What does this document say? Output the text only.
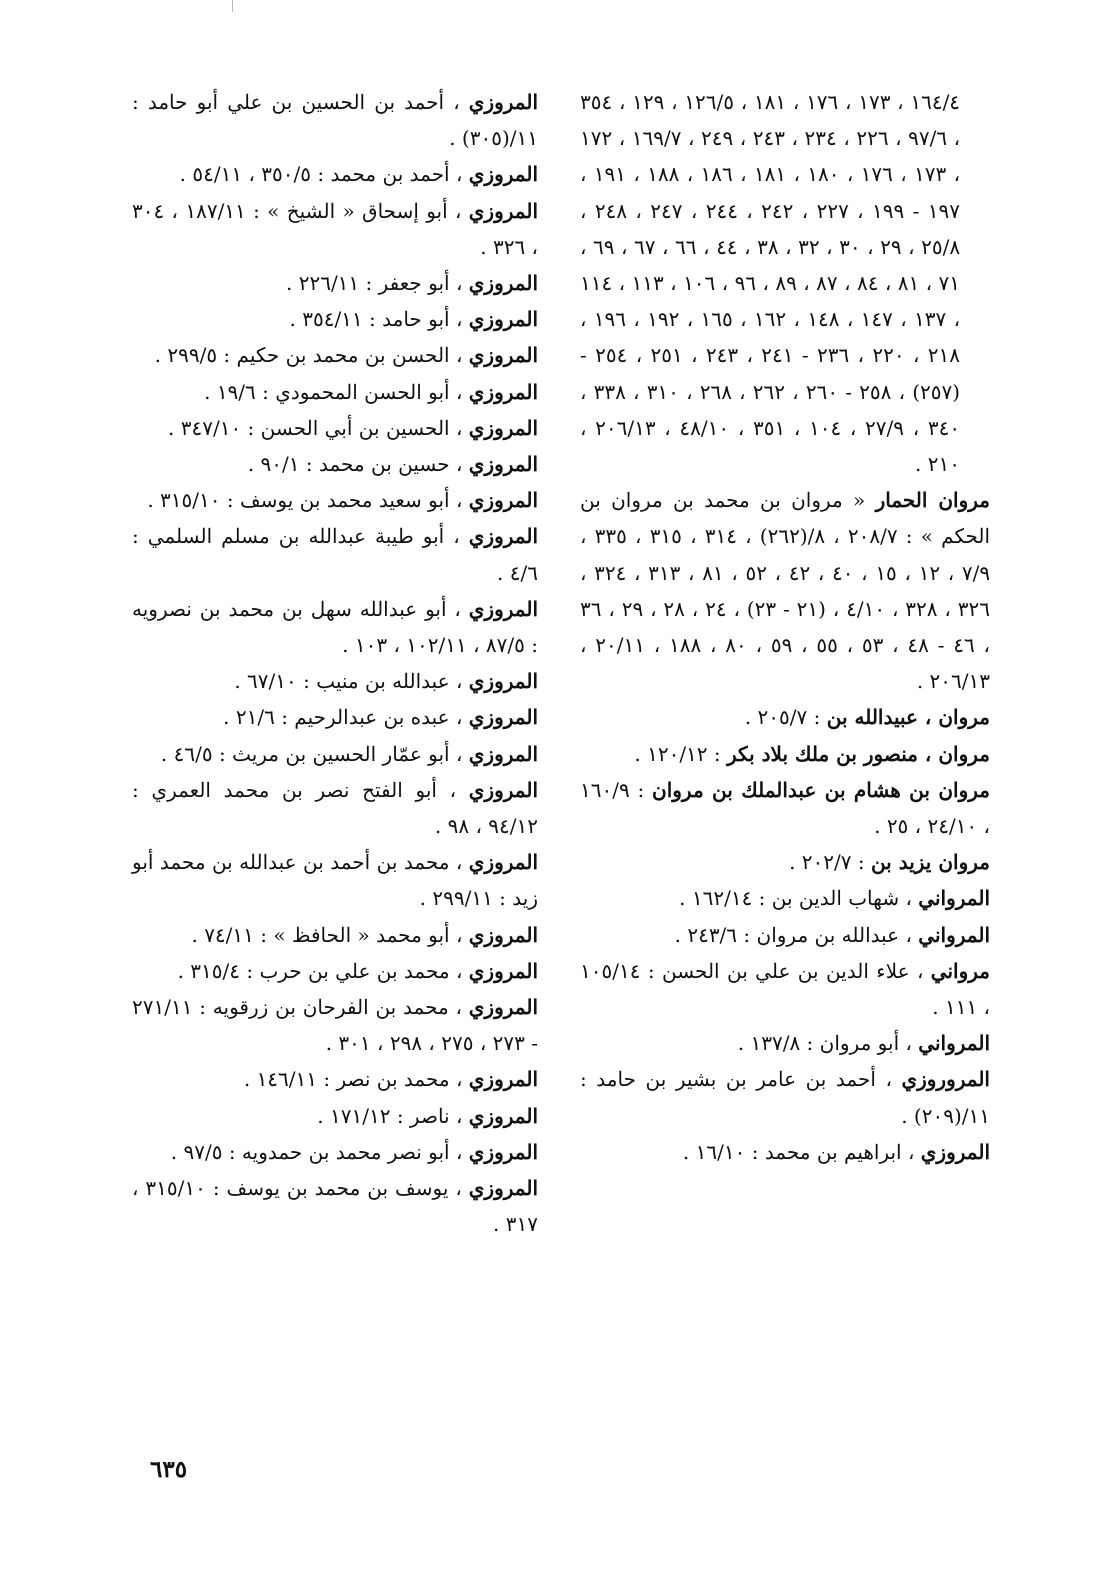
١٦٤/٤ ، ١٧٣ ، ١٧٦ ، ١٨١ ، ١٢٦/٥ ، ١٢٩ ، ٣٥٤ ، ٩٧/٦ ، ٢٢٦ ، ٢٣٤ ، ٢٤٣ ، ٢٤٩ ، ١٦٩/٧ ، ١٧٢ ، ١٧٣ ، ١٧٦ ، ١٨٠ ، ١٨١ ، ١٨٦ ، ١٨٨ ، ١٩١ ، ١٩٧ - ١٩٩ ، ٢٢٧ ، ٢٤٢ ، ٢٤٤ ، ٢٤٧ ، ٢٤٨ ، ٢٥/٨ ، ٢٩ ، ٣٠ ، ٣٢ ، ٣٨ ، ٤٤ ، ٦٦ ، ٦٧ ، ٦٩ ، ٧١ ، ٨١ ، ٨٤ ، ٨٧ ، ٨٩ ، ٩٦ ، ١٠٦ ، ١١٣ ، ١١٤ ، ١٣٧ ، ١٤٧ ، ١٤٨ ، ١٦٢ ، ١٦٥ ، ١٩٢ ، ١٩٦ ، ٢١٨ ، ٢٢٠ ، ٢٣٦ - ٢٤١ ، ٢٤٣ ، ٢٥١ ، ٢٥٤ - (٢٥٧) ، ٢٥٨ - ٢٦٠ ، ٢٦٢ ، ٢٦٨ ، ٣١٠ ، ٣٣٨ ، ٣٤٠ ، ٢٧/٩ ، ١٠٤ ، ٣٥١ ، ٤٨/١٠ ، ٢٠٦/١٣ ، ٢١٠ .
مروان الحمار « مروان بن محمد بن مروان بن الحكم » : ٢٠٨/٧ ، ٨/(٢٦٢) ، ٣١٤ ، ٣١٥ ، ٣٣٥ ، ٧/٩ ، ١٢ ، ١٥ ، ٤٠ ، ٤٢ ، ٥٢ ، ٨١ ، ٣١٣ ، ٣٢٤ ، ٣٢٦ ، ٣٢٨ ، ٤/١٠ ، (٢١ - ٢٣) ، ٢٤ ، ٢٨ ، ٢٩ ، ٣٦ ، ٤٦ - ٤٨ ، ٥٣ ، ٥٥ ، ٥٩ ، ٨٠ ، ١٨٨ ، ٢٠/١١ ، ٢٠٦/١٣ .
مروان ، عبيدالله بن : ٢٠٥/٧ .
مروان ، منصور بن ملك بلاد بكر : ١٢٠/١٢ .
مروان بن هشام بن عبدالملك بن مروان : ١٦٠/٩ ، ٢٤/١٠ ، ٢٥ .
مروان يزيد بن : ٢٠٢/٧ .
المرواني ، شهاب الدين بن : ١٦٢/١٤ .
المرواني ، عبدالله بن مروان : ٢٤٣/٦ .
مرواني ، علاء الدين بن علي بن الحسن : ١٠٥/١٤ ، ١١١ .
المرواني ، أبو مروان : ١٣٧/٨ .
المروروزي ، أحمد بن عامر بن بشير بن حامد : ١١/(٢٠٩) .
المروزي ، ابراهيم بن محمد : ١٦/١٠ .
المروزي ، أحمد بن الحسين بن علي أبو حامد : ١١/(٣٠٥) .
المروزي ، أحمد بن محمد : ٣٥٠/٥ ، ٥٤/١١ .
المروزي ، أبو إسحاق « الشيخ » : ١٨٧/١١ ، ٣٠٤ ، ٣٢٦ .
المروزي ، أبو جعفر : ٢٢٦/١١ .
المروزي ، أبو حامد : ٣٥٤/١١ .
المروزي ، الحسن بن محمد بن حكيم : ٢٩٩/٥ .
المروزي ، أبو الحسن المحمودي : ١٩/٦ .
المروزي ، الحسين بن أبي الحسن : ٣٤٧/١٠ .
المروزي ، حسين بن محمد : ٩٠/١ .
المروزي ، أبو سعيد محمد بن يوسف : ٣١٥/١٠ .
المروزي ، أبو طيبة عبدالله بن مسلم السلمي : ٤/٦ .
المروزي ، أبو عبدالله سهل بن محمد بن نصرويه : ٨٧/٥ ، ١٠٢/١١ ، ١٠٣ .
المروزي ، عبدالله بن منيب : ٦٧/١٠ .
المروزي ، عبده بن عبدالرحيم : ٢١/٦ .
المروزي ، أبو عمّار الحسين بن مريث : ٤٦/٥ .
المروزي ، أبو الفتح نصر بن محمد العمري : ٩٤/١٢ ، ٩٨ .
المروزي ، محمد بن أحمد بن عبدالله بن محمد أبو زيد : ٢٩٩/١١ .
المروزي ، أبو محمد « الحافظ » : ٧٤/١١ .
المروزي ، محمد بن علي بن حرب : ٣١٥/٤ .
المروزي ، محمد بن الفرحان بن زرقويه : ٢٧١/١١ - ٢٧٣ ، ٢٧٥ ، ٢٩٨ ، ٣٠١ .
المروزي ، محمد بن نصر : ١٤٦/١١ .
المروزي ، ناصر : ١٧١/١٢ .
المروزي ، أبو نصر محمد بن حمدويه : ٩٧/٥ .
المروزي ، يوسف بن محمد بن يوسف : ٣١٥/١٠ ، ٣١٧ .
٦٣٥
